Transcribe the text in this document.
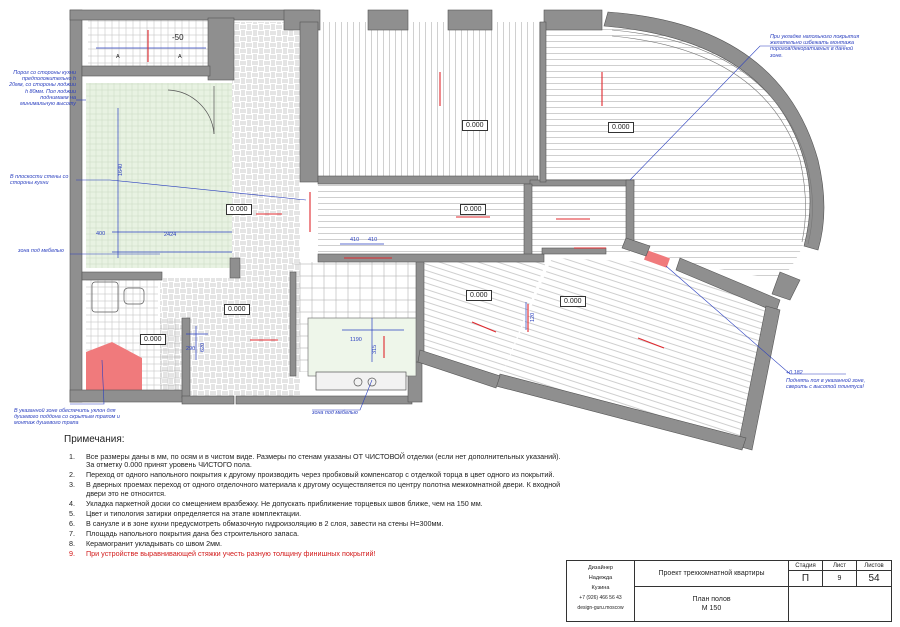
-50
А	А
400	2424
1640
410 410
1190
315
120
290 620
0.000	0.000
0.000	0.000
0.000
0.000
0.000
0.000
Порог со стороны кухни предположительно h 20мм, со стороны лоджии h 80мм. Пол лоджии поднимаем на минимальную высоту
В плоскости стены со стороны кухни
зона под мебелью
В указанной зоне обеспечить уклон для душевого поддона со скрытым трапом и монтаж душевого трапа
зона под мебелью
При укладке напольного покрытия желательно избежать монтажа порогов/декоративных в данной зоне.
+0.182
Поднять пол в указанной зоне, сверить с высотой плинтуса!
Примечания:
1. Все размеры даны в мм, по осям и в чистом виде. Размеры по стенам указаны ОТ ЧИСТОВОЙ отделки (если нет дополнительных указаний). За отметку 0.000 принят уровень ЧИСТОГО пола.
2. Переход от одного напольного покрытия к другому производить через пробковый компенсатор с отделкой торца в цвет одного из покрытий.
3. В дверных проемах переход от одного отделочного материала к другому осуществляется по центру полотна межкомнатной двери. К входной двери это не относится.
4. Укладка паркетной доски со смещением вразбежку. Не допускать приближение торцевых швов ближе, чем на 150 мм.
5. Цвет и типология затирки определяется на этапе комплектации.
6. В санузле и в зоне кухни предусмотреть обмазочную гидроизоляцию в 2 слоя, завести на стены Н=300мм.
7. Площадь напольного покрытия дана без строительного запаса.
8. Керамогранит укладывать со швом 2мм.
9. При устройстве выравнивающей стяжки учесть разную толщину финишных покрытий!
Дизайнер
Надежда
Кузина
+7 (926) 466 56 43
design-guru.moscow
Проект трехкомнатной квартиры
План полов
М 150
Стадия	Лист	Листов
П	9	54
